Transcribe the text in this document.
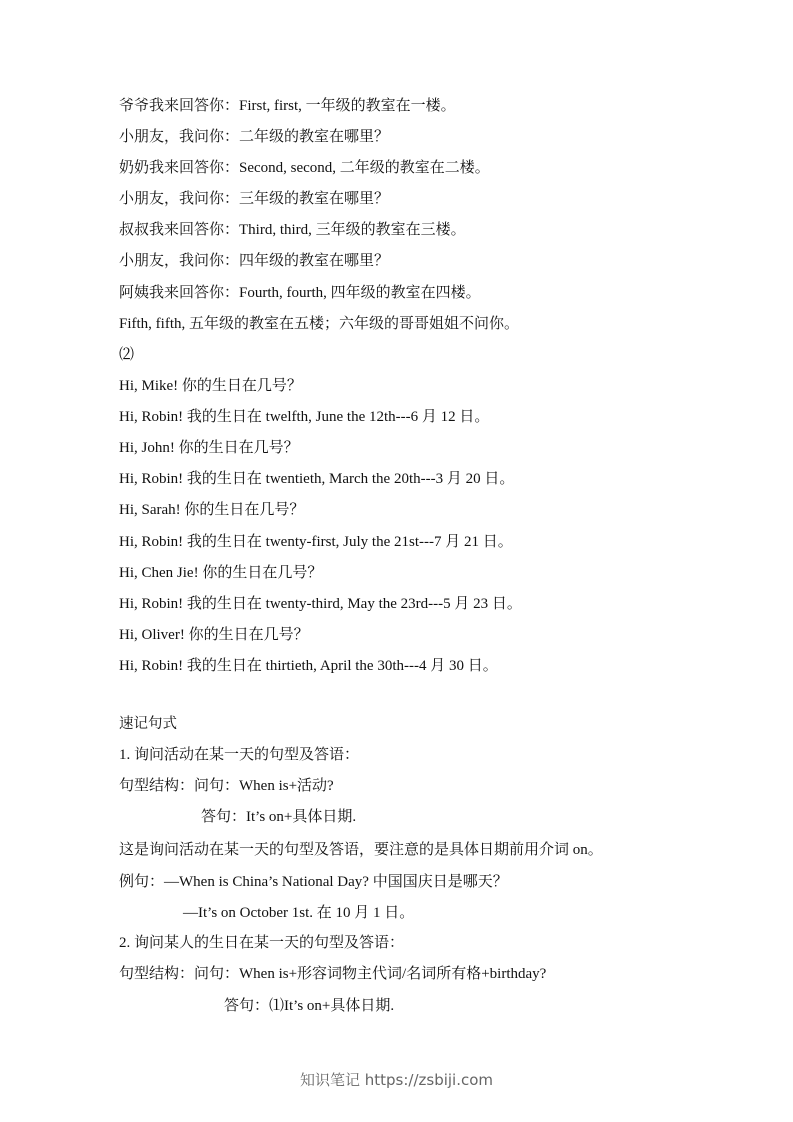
爷爷我来回答你：First, first, 一年级的教室在一楼。
小朋友，我问你：二年级的教室在哪里？
奶奶我来回答你：Second, second, 二年级的教室在二楼。
小朋友，我问你：三年级的教室在哪里？
叔叔我来回答你：Third, third, 三年级的教室在三楼。
小朋友，我问你：四年级的教室在哪里？
阿姨我来回答你：Fourth, fourth, 四年级的教室在四楼。
Fifth, fifth, 五年级的教室在五楼；六年级的哥哥姐姐不问你。
⑵
Hi, Mike! 你的生日在几号？
Hi, Robin! 我的生日在 twelfth, June the 12th---6 月 12 日。
Hi, John! 你的生日在几号？
Hi, Robin! 我的生日在 twentieth, March the 20th---3 月 20 日。
Hi, Sarah! 你的生日在几号？
Hi, Robin! 我的生日在 twenty-first, July the 21st---7 月 21 日。
Hi, Chen Jie! 你的生日在几号？
Hi, Robin! 我的生日在 twenty-third, May the 23rd---5 月 23 日。
Hi, Oliver! 你的生日在几号？
Hi, Robin! 我的生日在 thirtieth, April the 30th---4 月 30 日。
速记句式
1. 询问活动在某一天的句型及答语：
句型结构：问句：When is+活动?
答句：It’s on+具体日期.
这是询问活动在某一天的句型及答语，要注意的是具体日期前用介词 on。
例句：—When is China’s National Day? 中国国庆日是哪天？
—It’s on October 1st. 在 10 月 1 日。
2. 询问某人的生日在某一天的句型及答语：
句型结构：问句：When is+形容词物主代词/名词所有格+birthday?
答句：⑴It’s on+具体日期.
知识笔记 https://zsbiji.com
